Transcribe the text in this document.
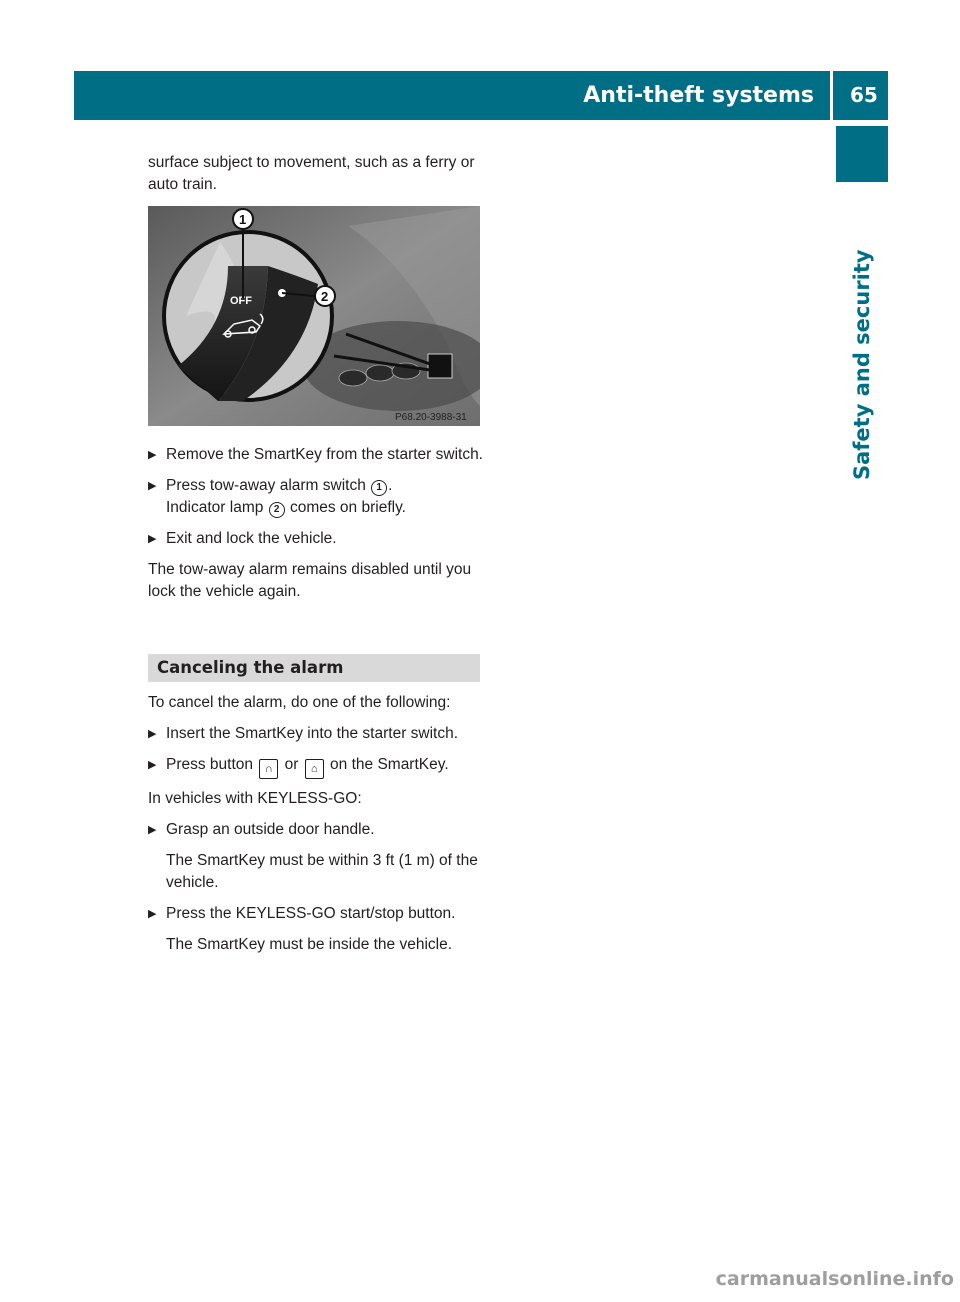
Anti-theft systems	65
Safety and security

surface subject to movement, such as a ferry or auto train.

OFF
1
2
P68.20-3988-31
▶ Remove the SmartKey from the starter switch.

▶ Press tow-away alarm switch 1 .
Indicator lamp 2 comes on briefly.

▶ Exit and lock the vehicle.

The tow-away alarm remains disabled until you lock the vehicle again.

Canceling the alarm

To cancel the alarm, do one of the following:

▶ Insert the SmartKey into the starter switch.

▶ Press button ∩ or ⌂ on the SmartKey.

In vehicles with KEYLESS-GO:

▶ Grasp an outside door handle.

The SmartKey must be within 3 ft (1 m) of the vehicle.

▶ Press the KEYLESS-GO start/stop button.

The SmartKey must be inside the vehicle.

carmanualsonline.info
